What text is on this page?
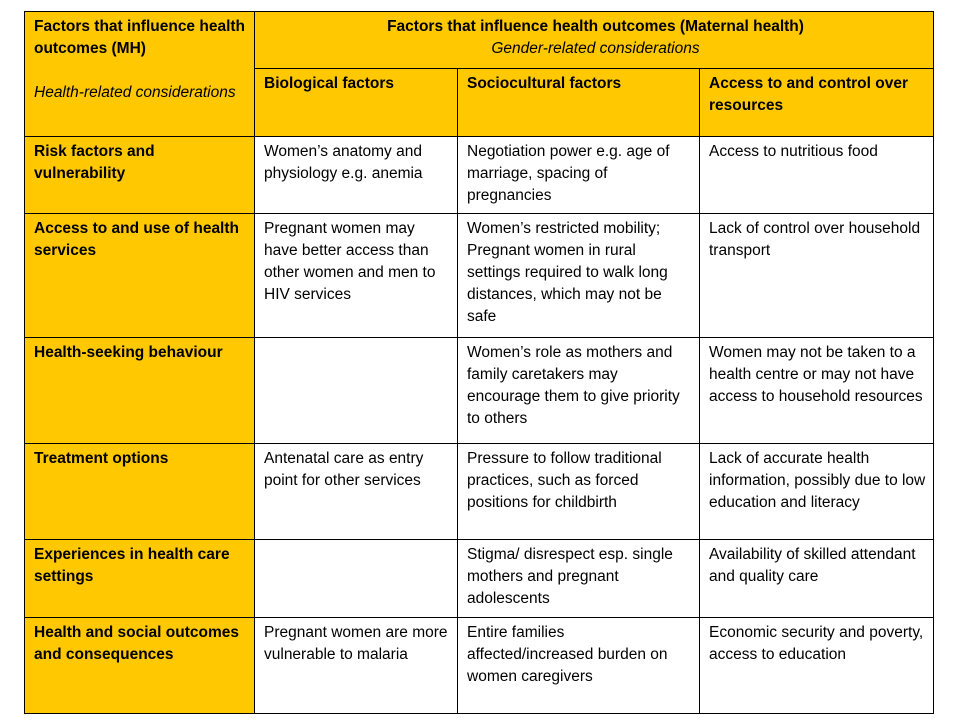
Factors that influence health outcomes (MH)
Health-related considerations	Factors that influence health outcomes (Maternal health)
Gender-related considerations		

	Biological factors	Sociocultural factors	Access to and control over resources
Risk factors and vulnerability	Women’s anatomy and physiology e.g. anemia	Negotiation power e.g. age of marriage, spacing of pregnancies	Access to nutritious food
Access to and use of health services	Pregnant women may have better access than other women and men to HIV services	Women’s restricted mobility; Pregnant women in rural settings required to walk long distances, which may not be safe	Lack of control over household transport
Health-seeking behaviour		Women’s role as mothers and family caretakers may encourage them to give priority to others	Women may not be taken to a health centre or may not have access to household resources
Treatment options	Antenatal care as entry point for other services	Pressure to follow traditional practices, such as forced positions for childbirth	Lack of accurate health information, possibly due to low education and literacy
Experiences in health care settings		Stigma/ disrespect esp. single mothers and pregnant adolescents	Availability of skilled attendant and quality care
Health and social outcomes and consequences	Pregnant women are more vulnerable to malaria	Entire families affected/increased burden on women caregivers	Economic security and poverty, access to education
